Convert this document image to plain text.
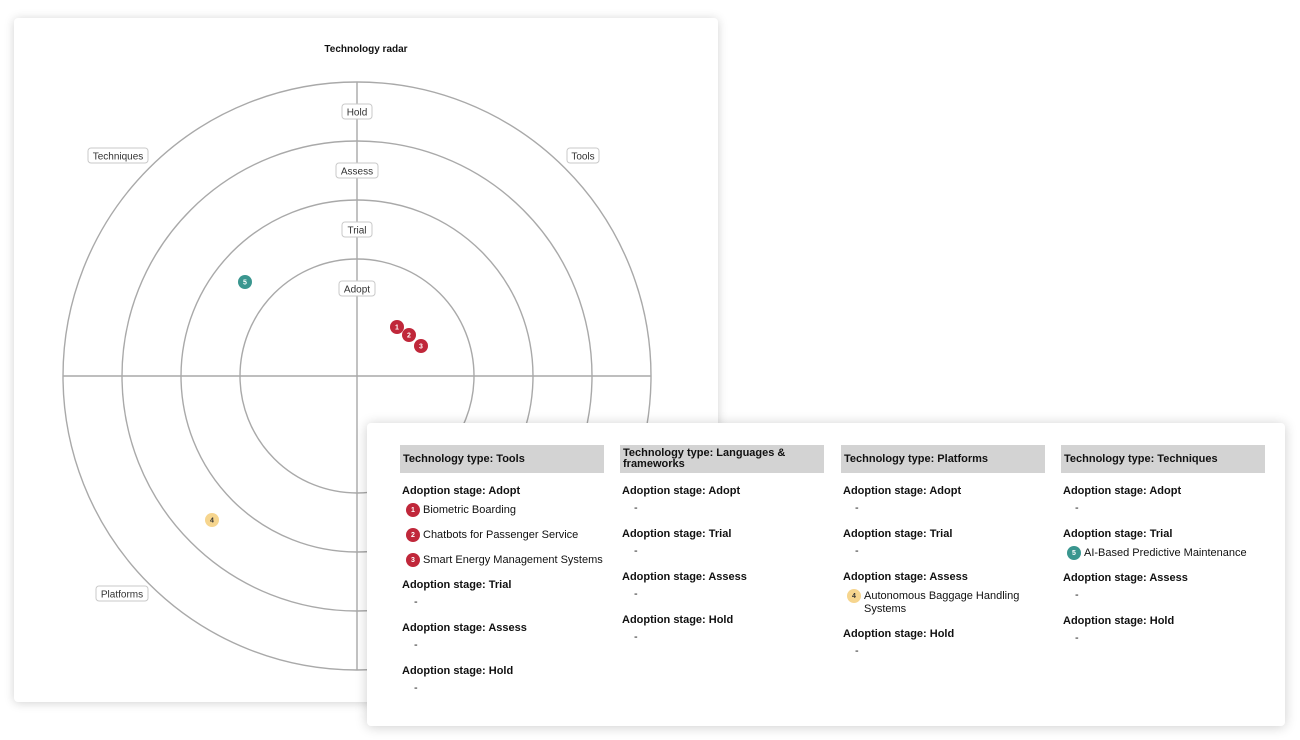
Technology radar
Hold
Assess
Trial
Adopt
Techniques	Tools
Platforms
1
2
3
4
5
Technology type: Tools
Adoption stage: Adopt
1 Biometric Boarding
2 Chatbots for Passenger Service
3 Smart Energy Management Systems
Adoption stage: Trial
-
Adoption stage: Assess
-
Adoption stage: Hold
-
Technology type: Languages & frameworks
Adoption stage: Adopt
-
Adoption stage: Trial
-
Adoption stage: Assess
-
Adoption stage: Hold
-
Technology type: Platforms
Adoption stage: Adopt
-
Adoption stage: Trial
-
Adoption stage: Assess
4 Autonomous Baggage Handling Systems
Adoption stage: Hold
-
Technology type: Techniques
Adoption stage: Adopt
-
Adoption stage: Trial
5 AI-Based Predictive Maintenance
Adoption stage: Assess
-
Adoption stage: Hold
-
